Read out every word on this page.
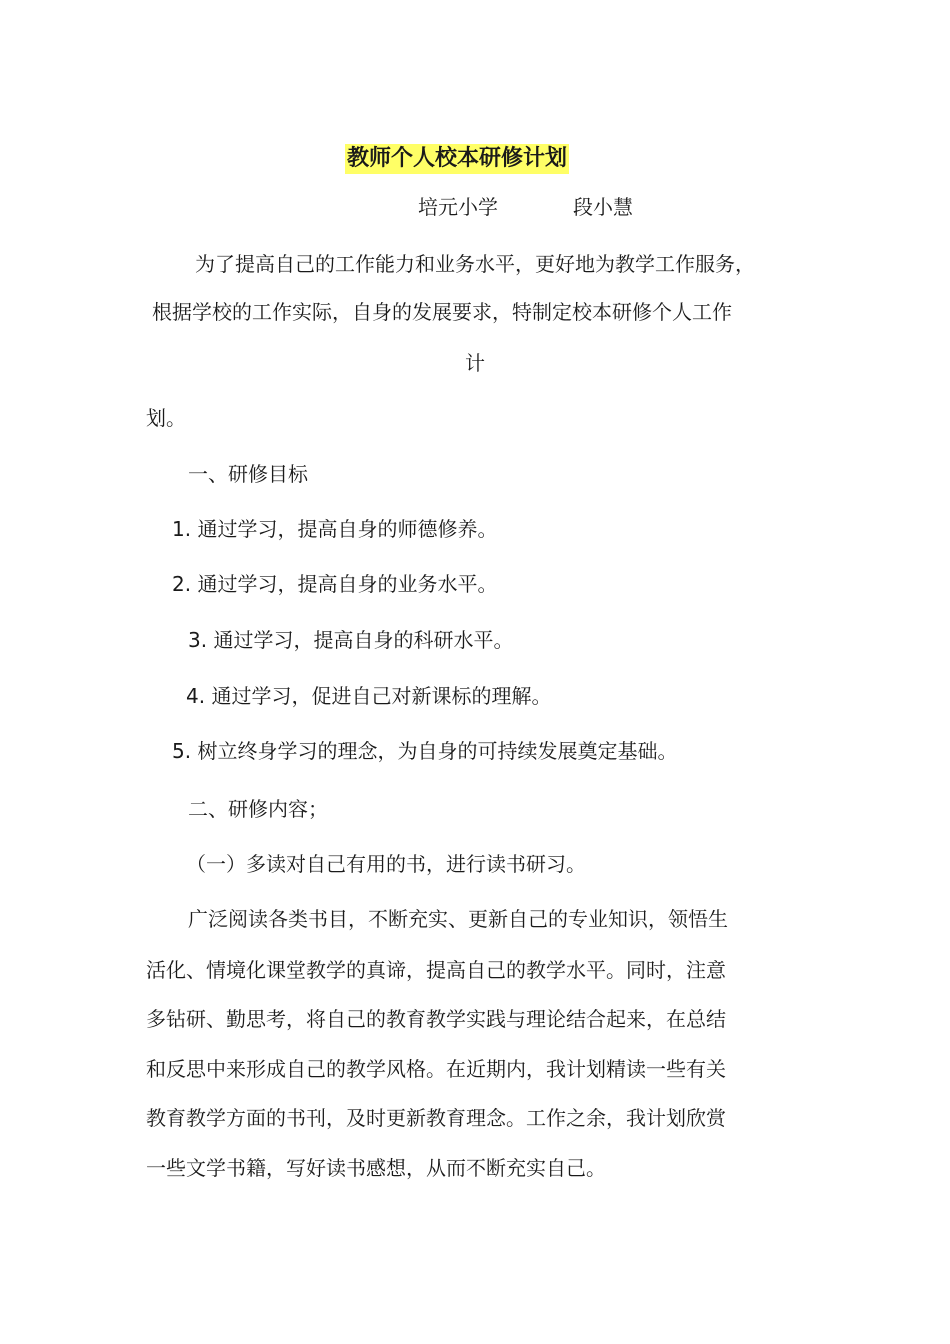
教师个人校本研修计划
培元小学	段小慧
为了提高自己的工作能力和业务水平，更好地为教学工作服务，
根据学校的工作实际，自身的发展要求，特制定校本研修个人工作
计
划。
一、研修目标
1. 通过学习，提高自身的师德修养。
2. 通过学习，提高自身的业务水平。
3. 通过学习，提高自身的科研水平。
4. 通过学习，促进自己对新课标的理解。
5. 树立终身学习的理念，为自身的可持续发展奠定基础。
二、研修内容；
（一）多读对自己有用的书，进行读书研习。
广泛阅读各类书目，不断充实、更新自己的专业知识，领悟生
活化、情境化课堂教学的真谛，提高自己的教学水平。同时，注意
多钻研、勤思考，将自己的教育教学实践与理论结合起来，在总结
和反思中来形成自己的教学风格。在近期内，我计划精读一些有关
教育教学方面的书刊，及时更新教育理念。工作之余，我计划欣赏
一些文学书籍，写好读书感想，从而不断充实自己。
